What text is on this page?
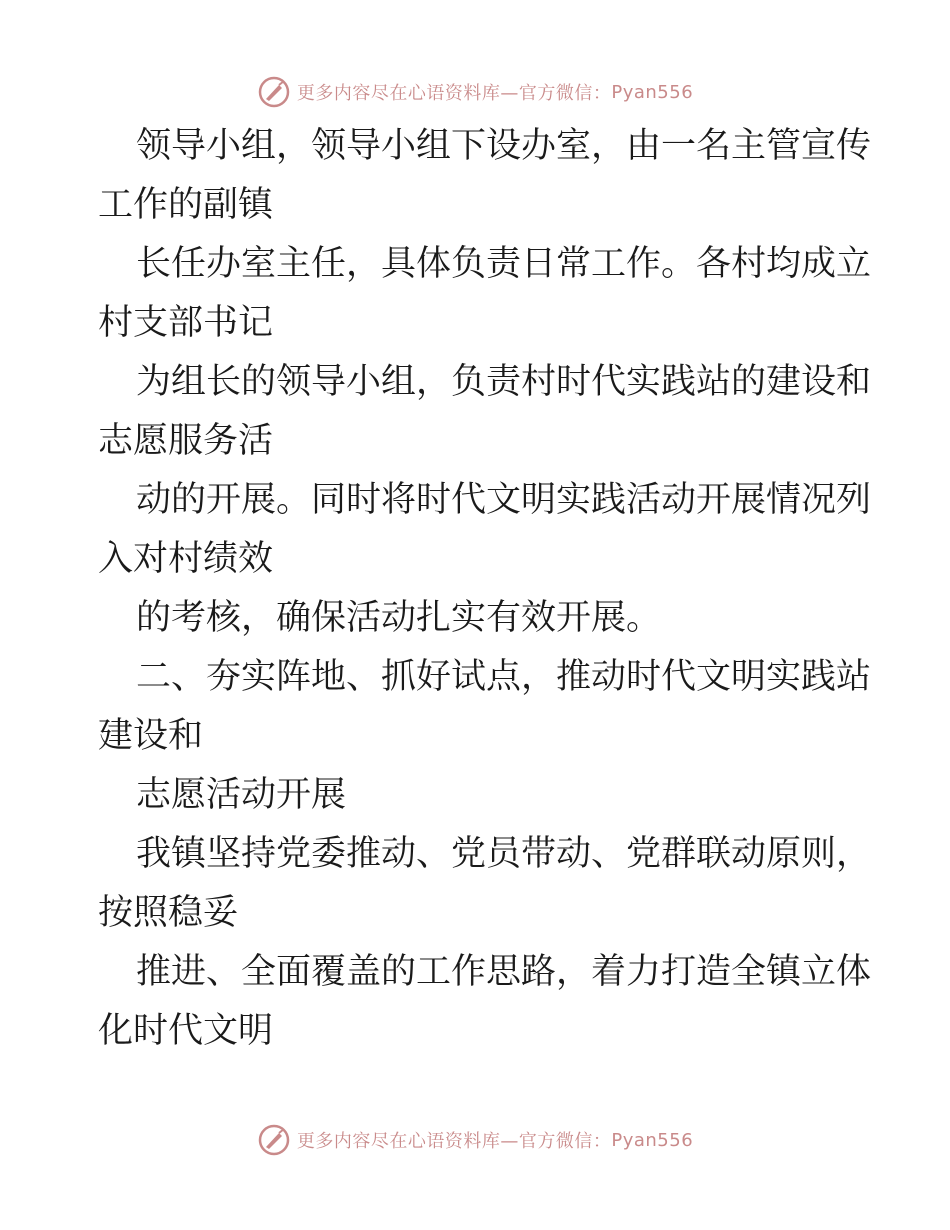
更多内容尽在心语资料库—官方微信： Pyan556

领导小组，领导小组下设办室，由一名主管宣传

工作的副镇

长任办室主任，具体负责日常工作。各村均成立

村支部书记

为组长的领导小组，负责村时代实践站的建设和

志愿服务活

动的开展。同时将时代文明实践活动开展情况列

入对村绩效

的考核，确保活动扎实有效开展。

二、夯实阵地、抓好试点，推动时代文明实践站

建设和

志愿活动开展

我镇坚持党委推动、党员带动、党群联动原则，

按照稳妥

推进、全面覆盖的工作思路，着力打造全镇立体

化时代文明

更多内容尽在心语资料库—官方微信： Pyan556
